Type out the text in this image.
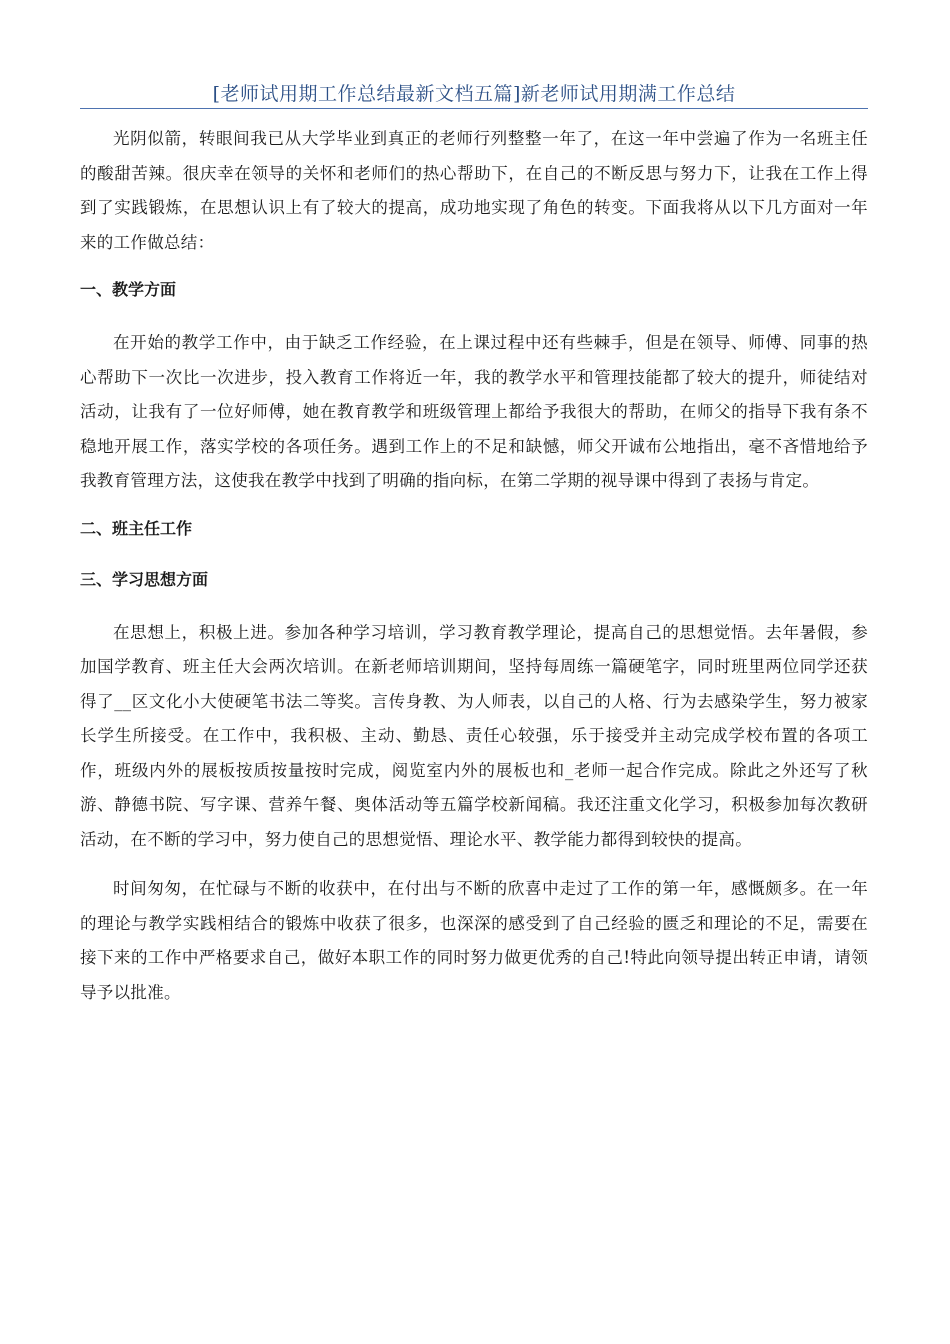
[老师试用期工作总结最新文档五篇]新老师试用期满工作总结

光阴似箭，转眼间我已从大学毕业到真正的老师行列整整一年了，在这一年中尝遍了作为一名班主任的酸甜苦辣。很庆幸在领导的关怀和老师们的热心帮助下，在自己的不断反思与努力下，让我在工作上得到了实践锻炼，在思想认识上有了较大的提高，成功地实现了角色的转变。下面我将从以下几方面对一年来的工作做总结：

一、教学方面

在开始的教学工作中，由于缺乏工作经验，在上课过程中还有些棘手，但是在领导、师傅、同事的热心帮助下一次比一次进步，投入教育工作将近一年，我的教学水平和管理技能都了较大的提升，师徒结对活动，让我有了一位好师傅，她在教育教学和班级管理上都给予我很大的帮助，在师父的指导下我有条不稳地开展工作，落实学校的各项任务。遇到工作上的不足和缺憾，师父开诚布公地指出，毫不吝惜地给予我教育管理方法，这使我在教学中找到了明确的指向标，在第二学期的视导课中得到了表扬与肯定。

二、班主任工作
三、学习思想方面

在思想上，积极上进。参加各种学习培训，学习教育教学理论，提高自己的思想觉悟。去年暑假，参加国学教育、班主任大会两次培训。在新老师培训期间，坚持每周练一篇硬笔字，同时班里两位同学还获得了__区文化小大使硬笔书法二等奖。言传身教、为人师表，以自己的人格、行为去感染学生，努力被家长学生所接受。在工作中，我积极、主动、勤恳、责任心较强，乐于接受并主动完成学校布置的各项工作，班级内外的展板按质按量按时完成，阅览室内外的展板也和_老师一起合作完成。除此之外还写了秋游、静德书院、写字课、营养午餐、奥体活动等五篇学校新闻稿。我还注重文化学习，积极参加每次教研活动，在不断的学习中，努力使自己的思想觉悟、理论水平、教学能力都得到较快的提高。

时间匆匆，在忙碌与不断的收获中，在付出与不断的欣喜中走过了工作的第一年，感慨颇多。在一年的理论与教学实践相结合的锻炼中收获了很多，也深深的感受到了自己经验的匮乏和理论的不足，需要在接下来的工作中严格要求自己，做好本职工作的同时努力做更优秀的自己!特此向领导提出转正申请，请领导予以批准。
